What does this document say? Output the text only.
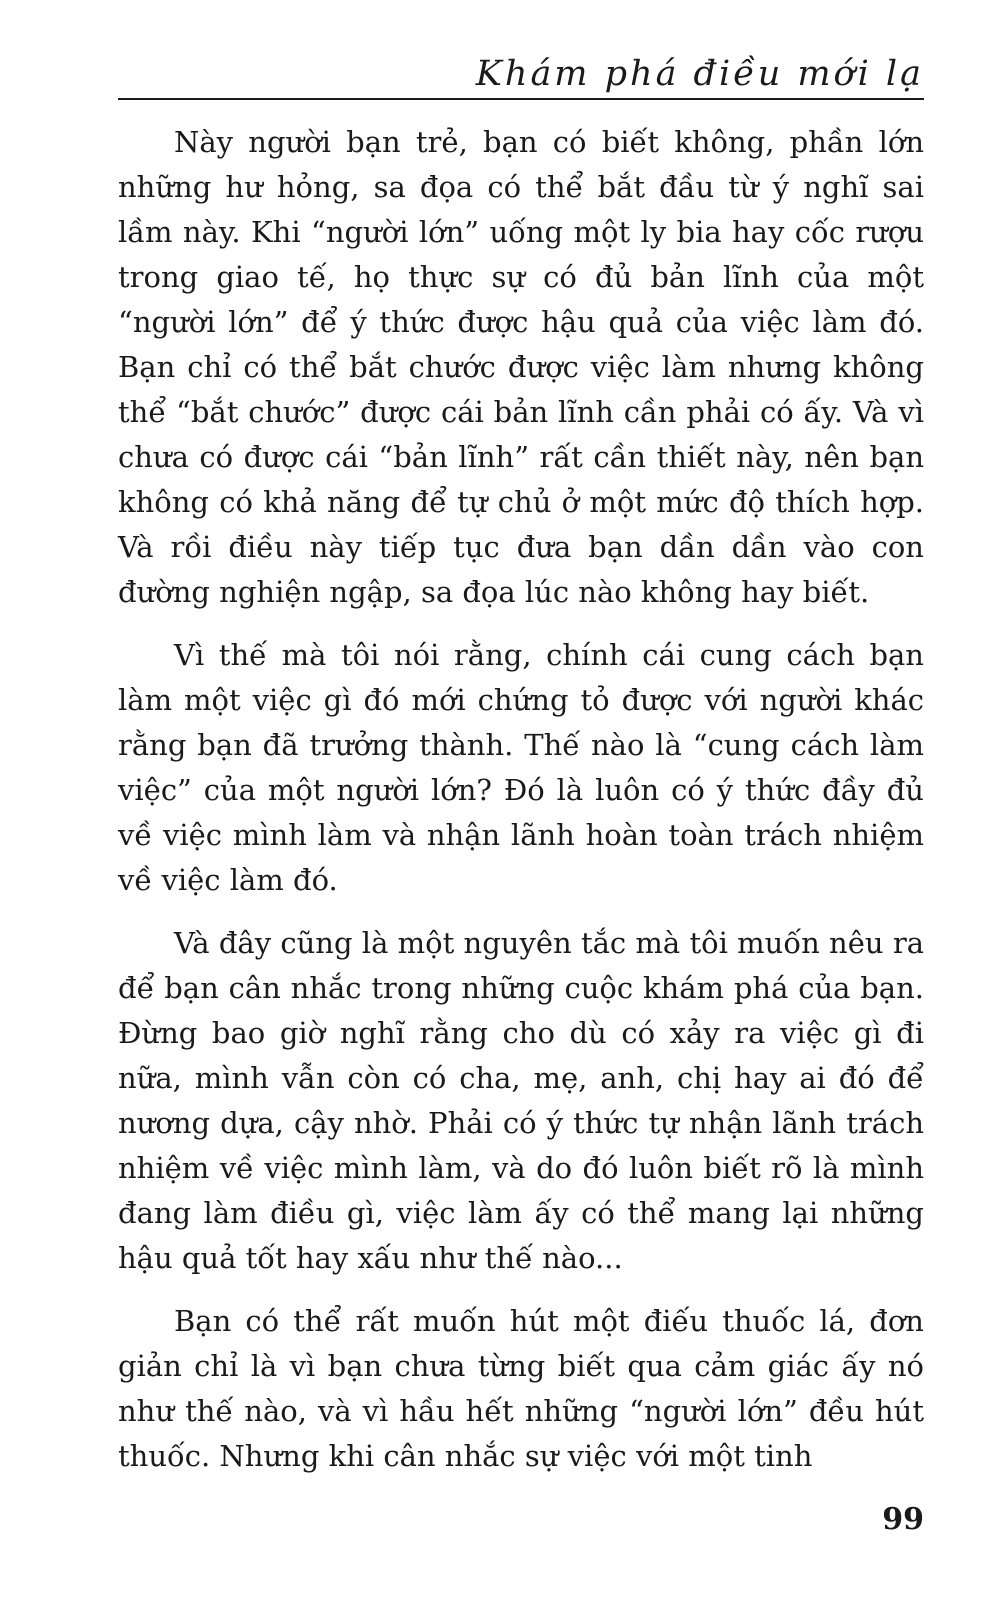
Khám phá điều mới lạ

Này người bạn trẻ, bạn có biết không, phần lớn những hư hỏng, sa đọa có thể bắt đầu từ ý nghĩ sai lầm này. Khi “người lớn” uống một ly bia hay cốc rượu trong giao tế, họ thực sự có đủ bản lĩnh của một “người lớn” để ý thức được hậu quả của việc làm đó. Bạn chỉ có thể bắt chước được việc làm nhưng không thể “bắt chước” được cái bản lĩnh cần phải có ấy. Và vì chưa có được cái “bản lĩnh” rất cần thiết này, nên bạn không có khả năng để tự chủ ở một mức độ thích hợp. Và rồi điều này tiếp tục đưa bạn dần dần vào con đường nghiện ngập, sa đọa lúc nào không hay biết.

Vì thế mà tôi nói rằng, chính cái cung cách bạn làm một việc gì đó mới chứng tỏ được với người khác rằng bạn đã trưởng thành. Thế nào là “cung cách làm việc” của một người lớn? Đó là luôn có ý thức đầy đủ về việc mình làm và nhận lãnh hoàn toàn trách nhiệm về việc làm đó.

Và đây cũng là một nguyên tắc mà tôi muốn nêu ra để bạn cân nhắc trong những cuộc khám phá của bạn. Đừng bao giờ nghĩ rằng cho dù có xảy ra việc gì đi nữa, mình vẫn còn có cha, mẹ, anh, chị hay ai đó để nương dựa, cậy nhờ. Phải có ý thức tự nhận lãnh trách nhiệm về việc mình làm, và do đó luôn biết rõ là mình đang làm điều gì, việc làm ấy có thể mang lại những hậu quả tốt hay xấu như thế nào...

Bạn có thể rất muốn hút một điếu thuốc lá, đơn giản chỉ là vì bạn chưa từng biết qua cảm giác ấy nó như thế nào, và vì hầu hết những “người lớn” đều hút thuốc. Nhưng khi cân nhắc sự việc với một tinh

99
